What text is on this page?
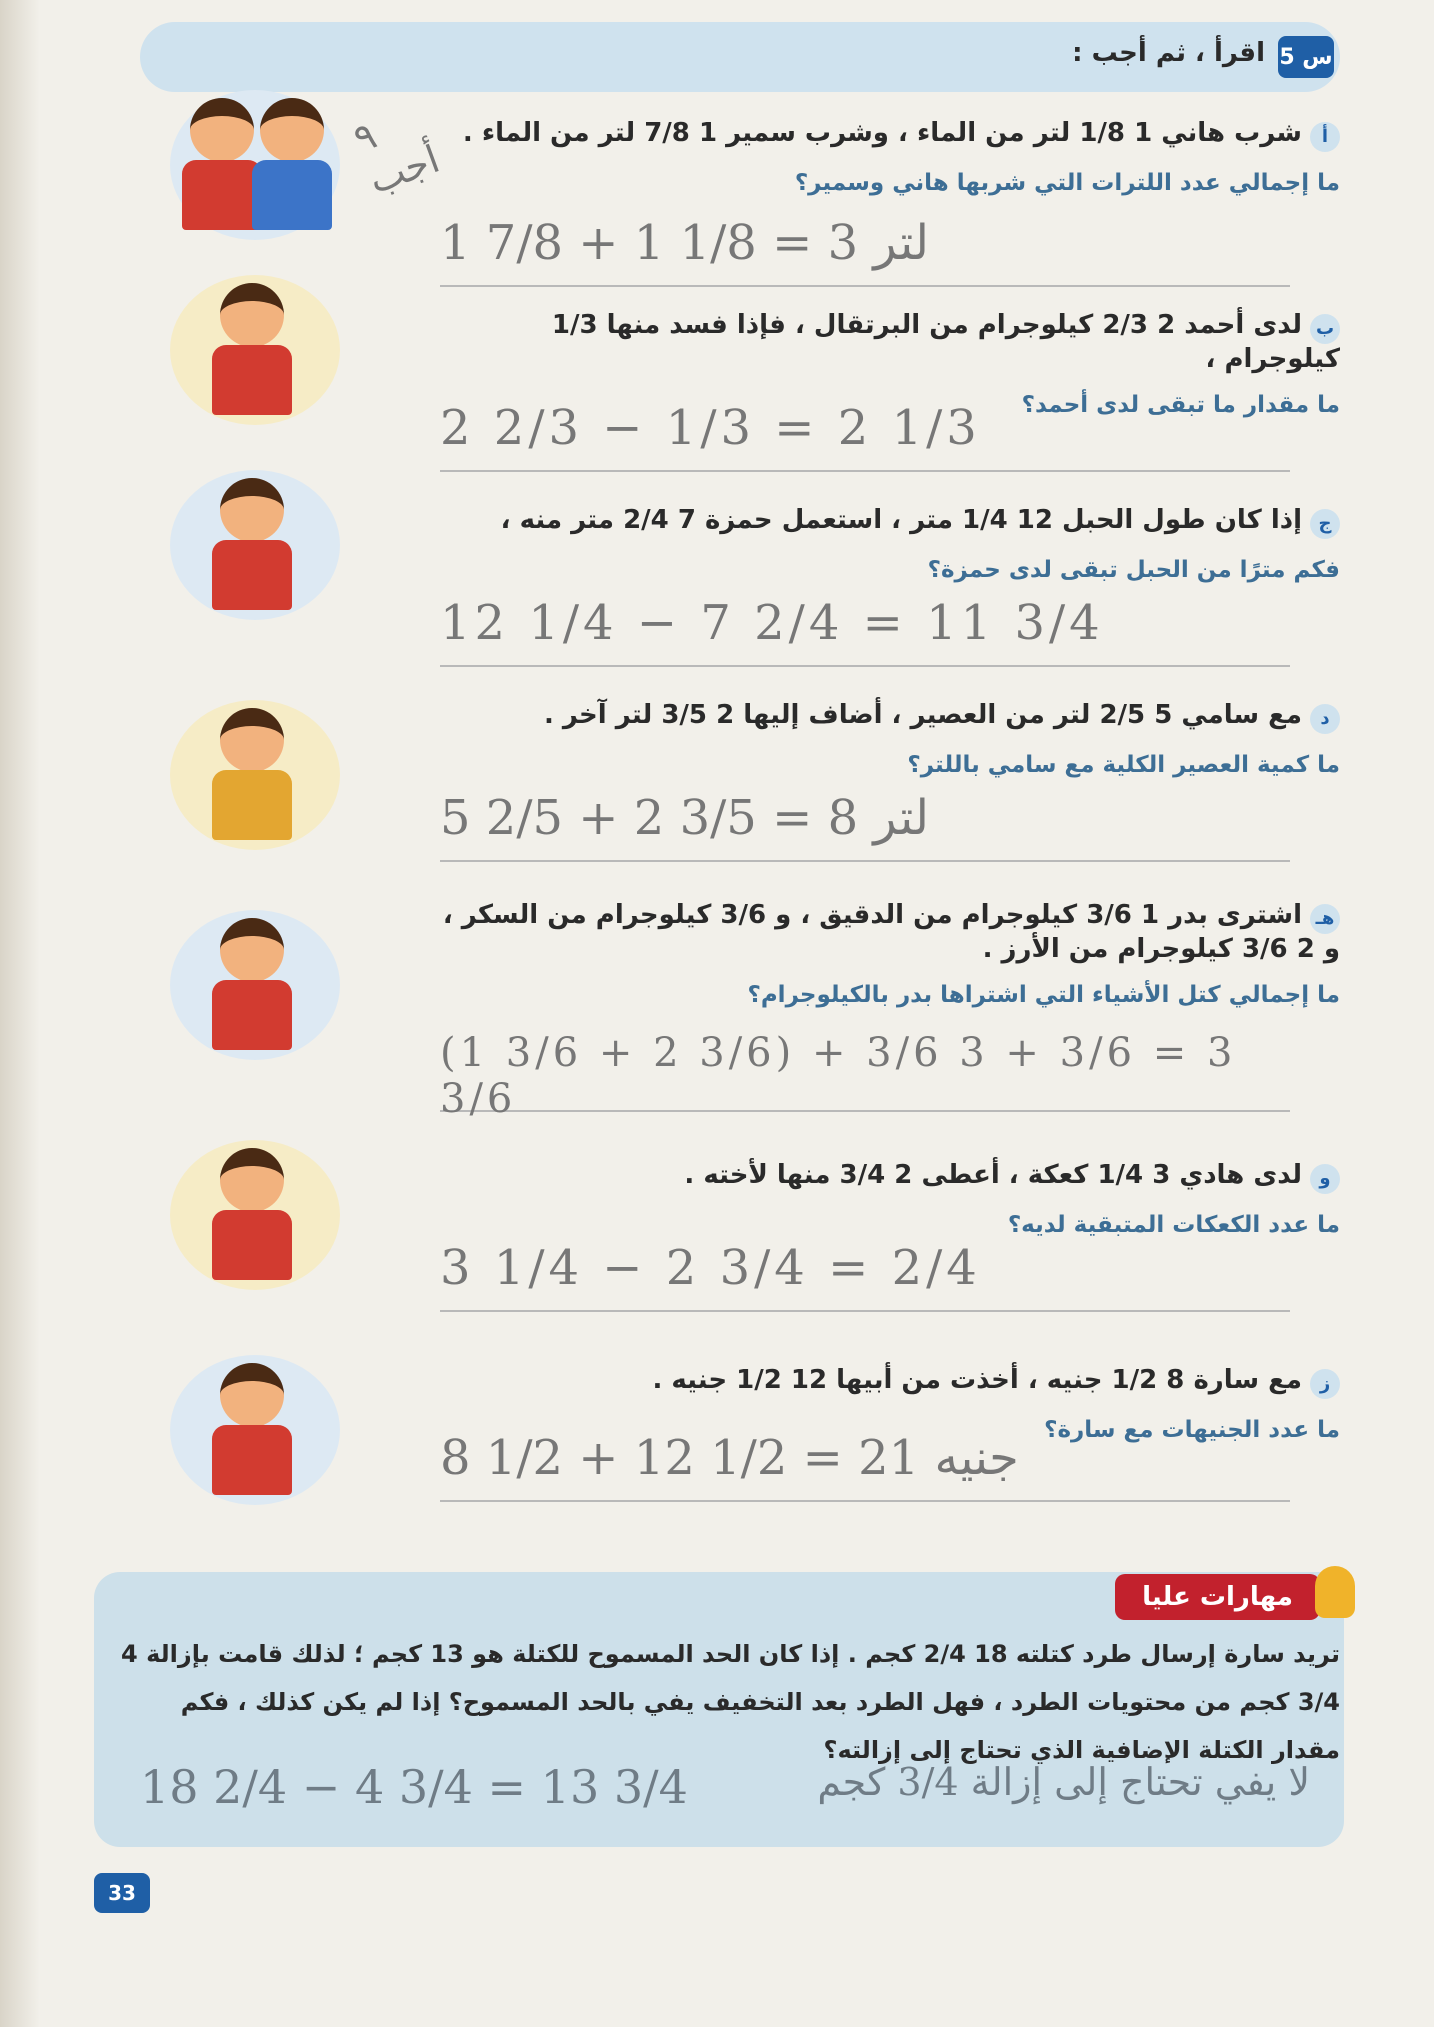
5 س
اقرأ ، ثم أجب :
٩ أجب
أشرب هاني 1 1/8 لتر من الماء ، وشرب سمير 1 7/8 لتر من الماء .
ما إجمالي عدد اللترات التي شربها هاني وسمير؟
1 7/8 + 1 1/8 = 3 لتر
بلدى أحمد 2 2/3 كيلوجرام من البرتقال ، فإذا فسد منها 1/3 كيلوجرام ،
ما مقدار ما تبقى لدى أحمد؟
2 2/3 − 1/3 = 2 1/3
جإذا كان طول الحبل 12 1/4 متر ، استعمل حمزة 7 2/4 متر منه ،
فكم مترًا من الحبل تبقى لدى حمزة؟
12 1/4 − 7 2/4 = 11 3/4
دمع سامي 5 2/5 لتر من العصير ، أضاف إليها 2 3/5 لتر آخر .
ما كمية العصير الكلية مع سامي باللتر؟
5 2/5 + 2 3/5 = 8 لتر
هـاشترى بدر 1 3/6 كيلوجرام من الدقيق ، و 3/6 كيلوجرام من السكر ، و 2 3/6 كيلوجرام من الأرز .
ما إجمالي كتل الأشياء التي اشتراها بدر بالكيلوجرام؟
(1 3/6 + 2 3/6) + 3/6 3 + 3/6 = 3 3/6
ولدى هادي 3 1/4 كعكة ، أعطى 2 3/4 منها لأخته .
ما عدد الكعكات المتبقية لديه؟
3 1/4 − 2 3/4 = 2/4
زمع سارة 8 1/2 جنيه ، أخذت من أبيها 12 1/2 جنيه .
ما عدد الجنيهات مع سارة؟
8 1/2 + 12 1/2 = 21 جنيه
مهارات عليا
تريد سارة إرسال طرد كتلته 18 2/4 كجم . إذا كان الحد المسموح للكتلة هو 13 كجم ؛ لذلك قامت بإزالة 4 3/4 كجم من محتويات الطرد ، فهل الطرد بعد التخفيف يفي بالحد المسموح؟ إذا لم يكن كذلك ، فكم مقدار الكتلة الإضافية الذي تحتاج إلى إزالته؟
18 2/4 − 4 3/4 = 13 3/4	لا يفي تحتاج إلى إزالة 3/4 كجم
33
